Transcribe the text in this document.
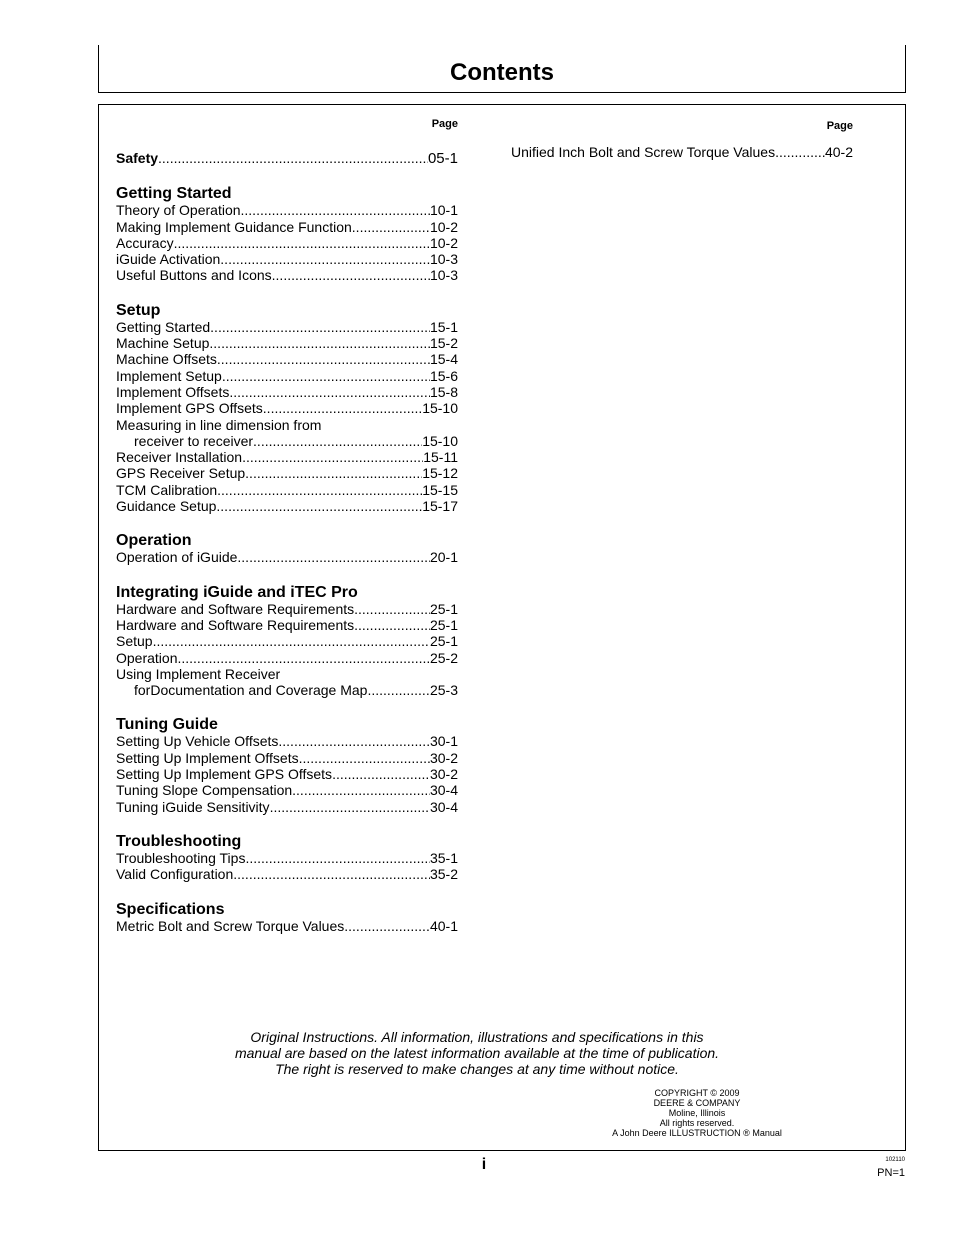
Contents
Page
Safety .....	05-1
Getting Started
Theory of Operation .....	10-1
Making Implement Guidance Function .....	10-2
Accuracy .....	10-2
iGuide Activation .....	10-3
Useful Buttons and Icons .....	10-3
Setup
Getting Started .....	15-1
Machine Setup .....	15-2
Machine Offsets .....	15-4
Implement Setup .....	15-6
Implement Offsets .....	15-8
Implement GPS Offsets .....	15-10
Measuring in line dimension from
receiver to receiver .....	15-10
Receiver Installation .....	15-11
GPS Receiver Setup .....	15-12
TCM Calibration .....	15-15
Guidance Setup .....	15-17
Operation
Operation of iGuide .....	20-1
Integrating iGuide and iTEC Pro
Hardware and Software Requirements .....	25-1
Hardware and Software Requirements .....	25-1
Setup .....	25-1
Operation .....	25-2
Using Implement Receiver
forDocumentation and Coverage Map .....	25-3
Tuning Guide
Setting Up Vehicle Offsets .....	30-1
Setting Up Implement Offsets .....	30-2
Setting Up Implement GPS Offsets .....	30-2
Tuning Slope Compensation .....	30-4
Tuning iGuide Sensitivity .....	30-4
Troubleshooting
Troubleshooting Tips .....	35-1
Valid Configuration .....	35-2
Specifications
Metric Bolt and Screw Torque Values .....	40-1
Page
Unified Inch Bolt and Screw Torque Values .....	40-2
Original Instructions. All information, illustrations and specifications in this
manual are based on the latest information available at the time of publication.
The right is reserved to make changes at any time without notice.
COPYRIGHT © 2009
DEERE & COMPANY
Moline, Illinois
All rights reserved.
A John Deere ILLUSTRUCTION ® Manual
i	102110
PN=1
